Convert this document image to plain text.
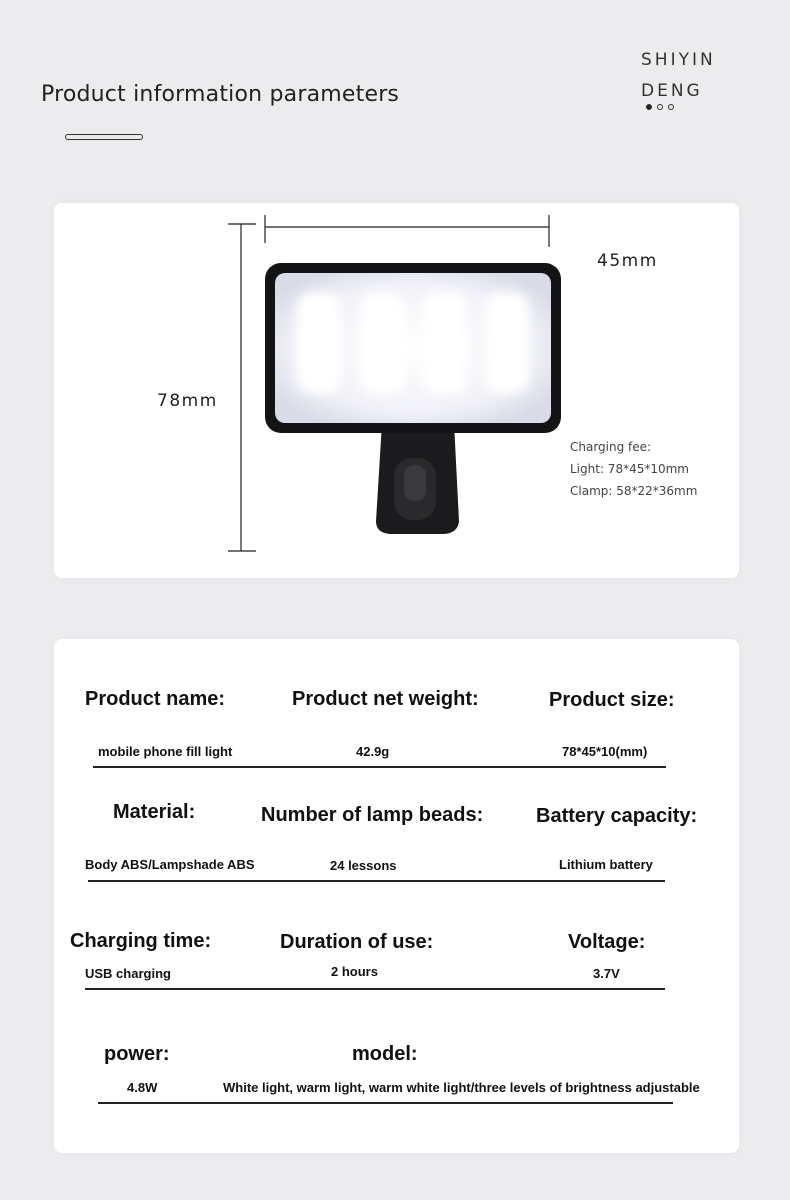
Product information parameters
SHIYIN
DENG
45mm
78mm
Charging fee:
Light: 78*45*10mm
Clamp: 58*22*36mm
Product name:	Product net weight:	Product size:
mobile phone fill light	42.9g	78*45*10(mm)
Material:	Number of lamp beads:	Battery capacity:
Body ABS/Lampshade ABS	24 lessons	Lithium battery
Charging time:	Duration of use:	Voltage:
USB charging	2 hours	3.7V
power:	model:
4.8W	White light, warm light, warm white light/three levels of brightness adjustable
